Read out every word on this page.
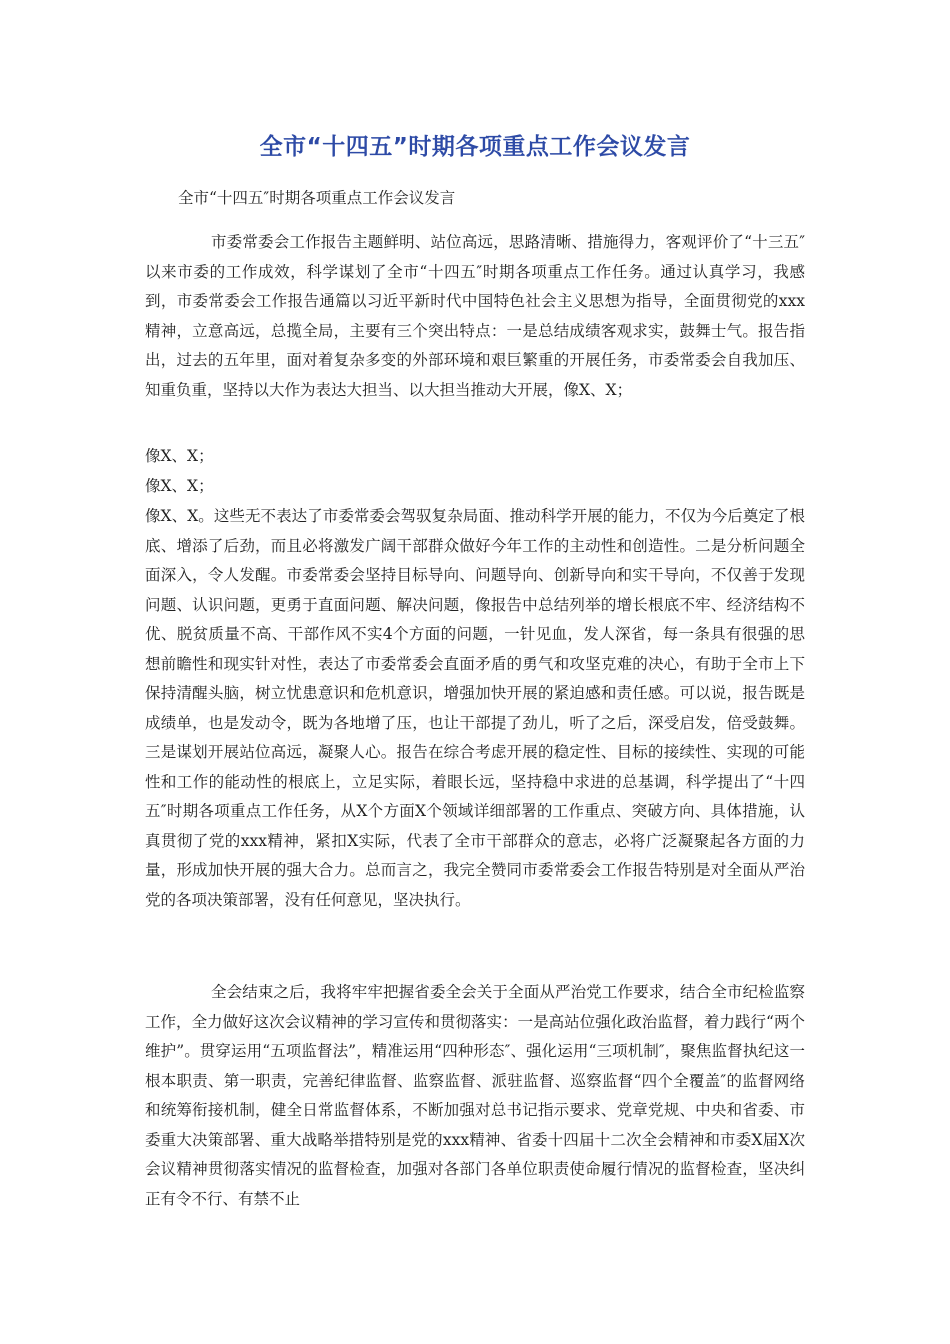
全市“十四五”时期各项重点工作会议发言
全市“十四五″时期各项重点工作会议发言
市委常委会工作报告主题鲜明、站位高远，思路清晰、措施得力，客观评价了“十三五″以来市委的工作成效，科学谋划了全市“十四五″时期各项重点工作任务。通过认真学习，我感到，市委常委会工作报告通篇以习近平新时代中国特色社会主义思想为指导，全面贯彻党的xxx精神，立意高远，总揽全局，主要有三个突出特点：一是总结成绩客观求实，鼓舞士气。报告指出，过去的五年里，面对着复杂多变的外部环境和艰巨繁重的开展任务，市委常委会自我加压、知重负重，坚持以大作为表达大担当、以大担当推动大开展，像X、X；
像X、X；
像X、X；
像X、X。这些无不表达了市委常委会驾驭复杂局面、推动科学开展的能力，不仅为今后奠定了根底、增添了后劲，而且必将激发广阔干部群众做好今年工作的主动性和创造性。二是分析问题全面深入，令人发醒。市委常委会坚持目标导向、问题导向、创新导向和实干导向，不仅善于发现问题、认识问题，更勇于直面问题、解决问题，像报告中总结列举的增长根底不牢、经济结构不优、脱贫质量不高、干部作风不实4个方面的问题，一针见血，发人深省，每一条具有很强的思想前瞻性和现实针对性，表达了市委常委会直面矛盾的勇气和攻坚克难的决心，有助于全市上下保持清醒头脑，树立忧患意识和危机意识，增强加快开展的紧迫感和责任感。可以说，报告既是成绩单，也是发动令，既为各地增了压，也让干部提了劲儿，听了之后，深受启发，倍受鼓舞。三是谋划开展站位高远，凝聚人心。报告在综合考虑开展的稳定性、目标的接续性、实现的可能性和工作的能动性的根底上，立足实际，着眼长远，坚持稳中求进的总基调，科学提出了“十四五″时期各项重点工作任务，从X个方面X个领域详细部署的工作重点、突破方向、具体措施，认真贯彻了党的xxx精神，紧扣X实际，代表了全市干部群众的意志，必将广泛凝聚起各方面的力量，形成加快开展的强大合力。总而言之，我完全赞同市委常委会工作报告特别是对全面从严治党的各项决策部署，没有任何意见，坚决执行。
全会结束之后，我将牢牢把握省委全会关于全面从严治党工作要求，结合全市纪检监察工作，全力做好这次会议精神的学习宣传和贯彻落实：一是高站位强化政治监督，着力践行“两个维护”。贯穿运用“五项监督法”，精准运用“四种形态″、强化运用“三项机制″，聚焦监督执纪这一根本职责、第一职责，完善纪律监督、监察监督、派驻监督、巡察监督“四个全覆盖″的监督网络和统筹衔接机制，健全日常监督体系，不断加强对总书记指示要求、党章党规、中央和省委、市委重大决策部署、重大战略举措特别是党的xxx精神、省委十四届十二次全会精神和市委X届X次会议精神贯彻落实情况的监督检查，加强对各部门各单位职责使命履行情况的监督检查，坚决纠正有令不行、有禁不止
